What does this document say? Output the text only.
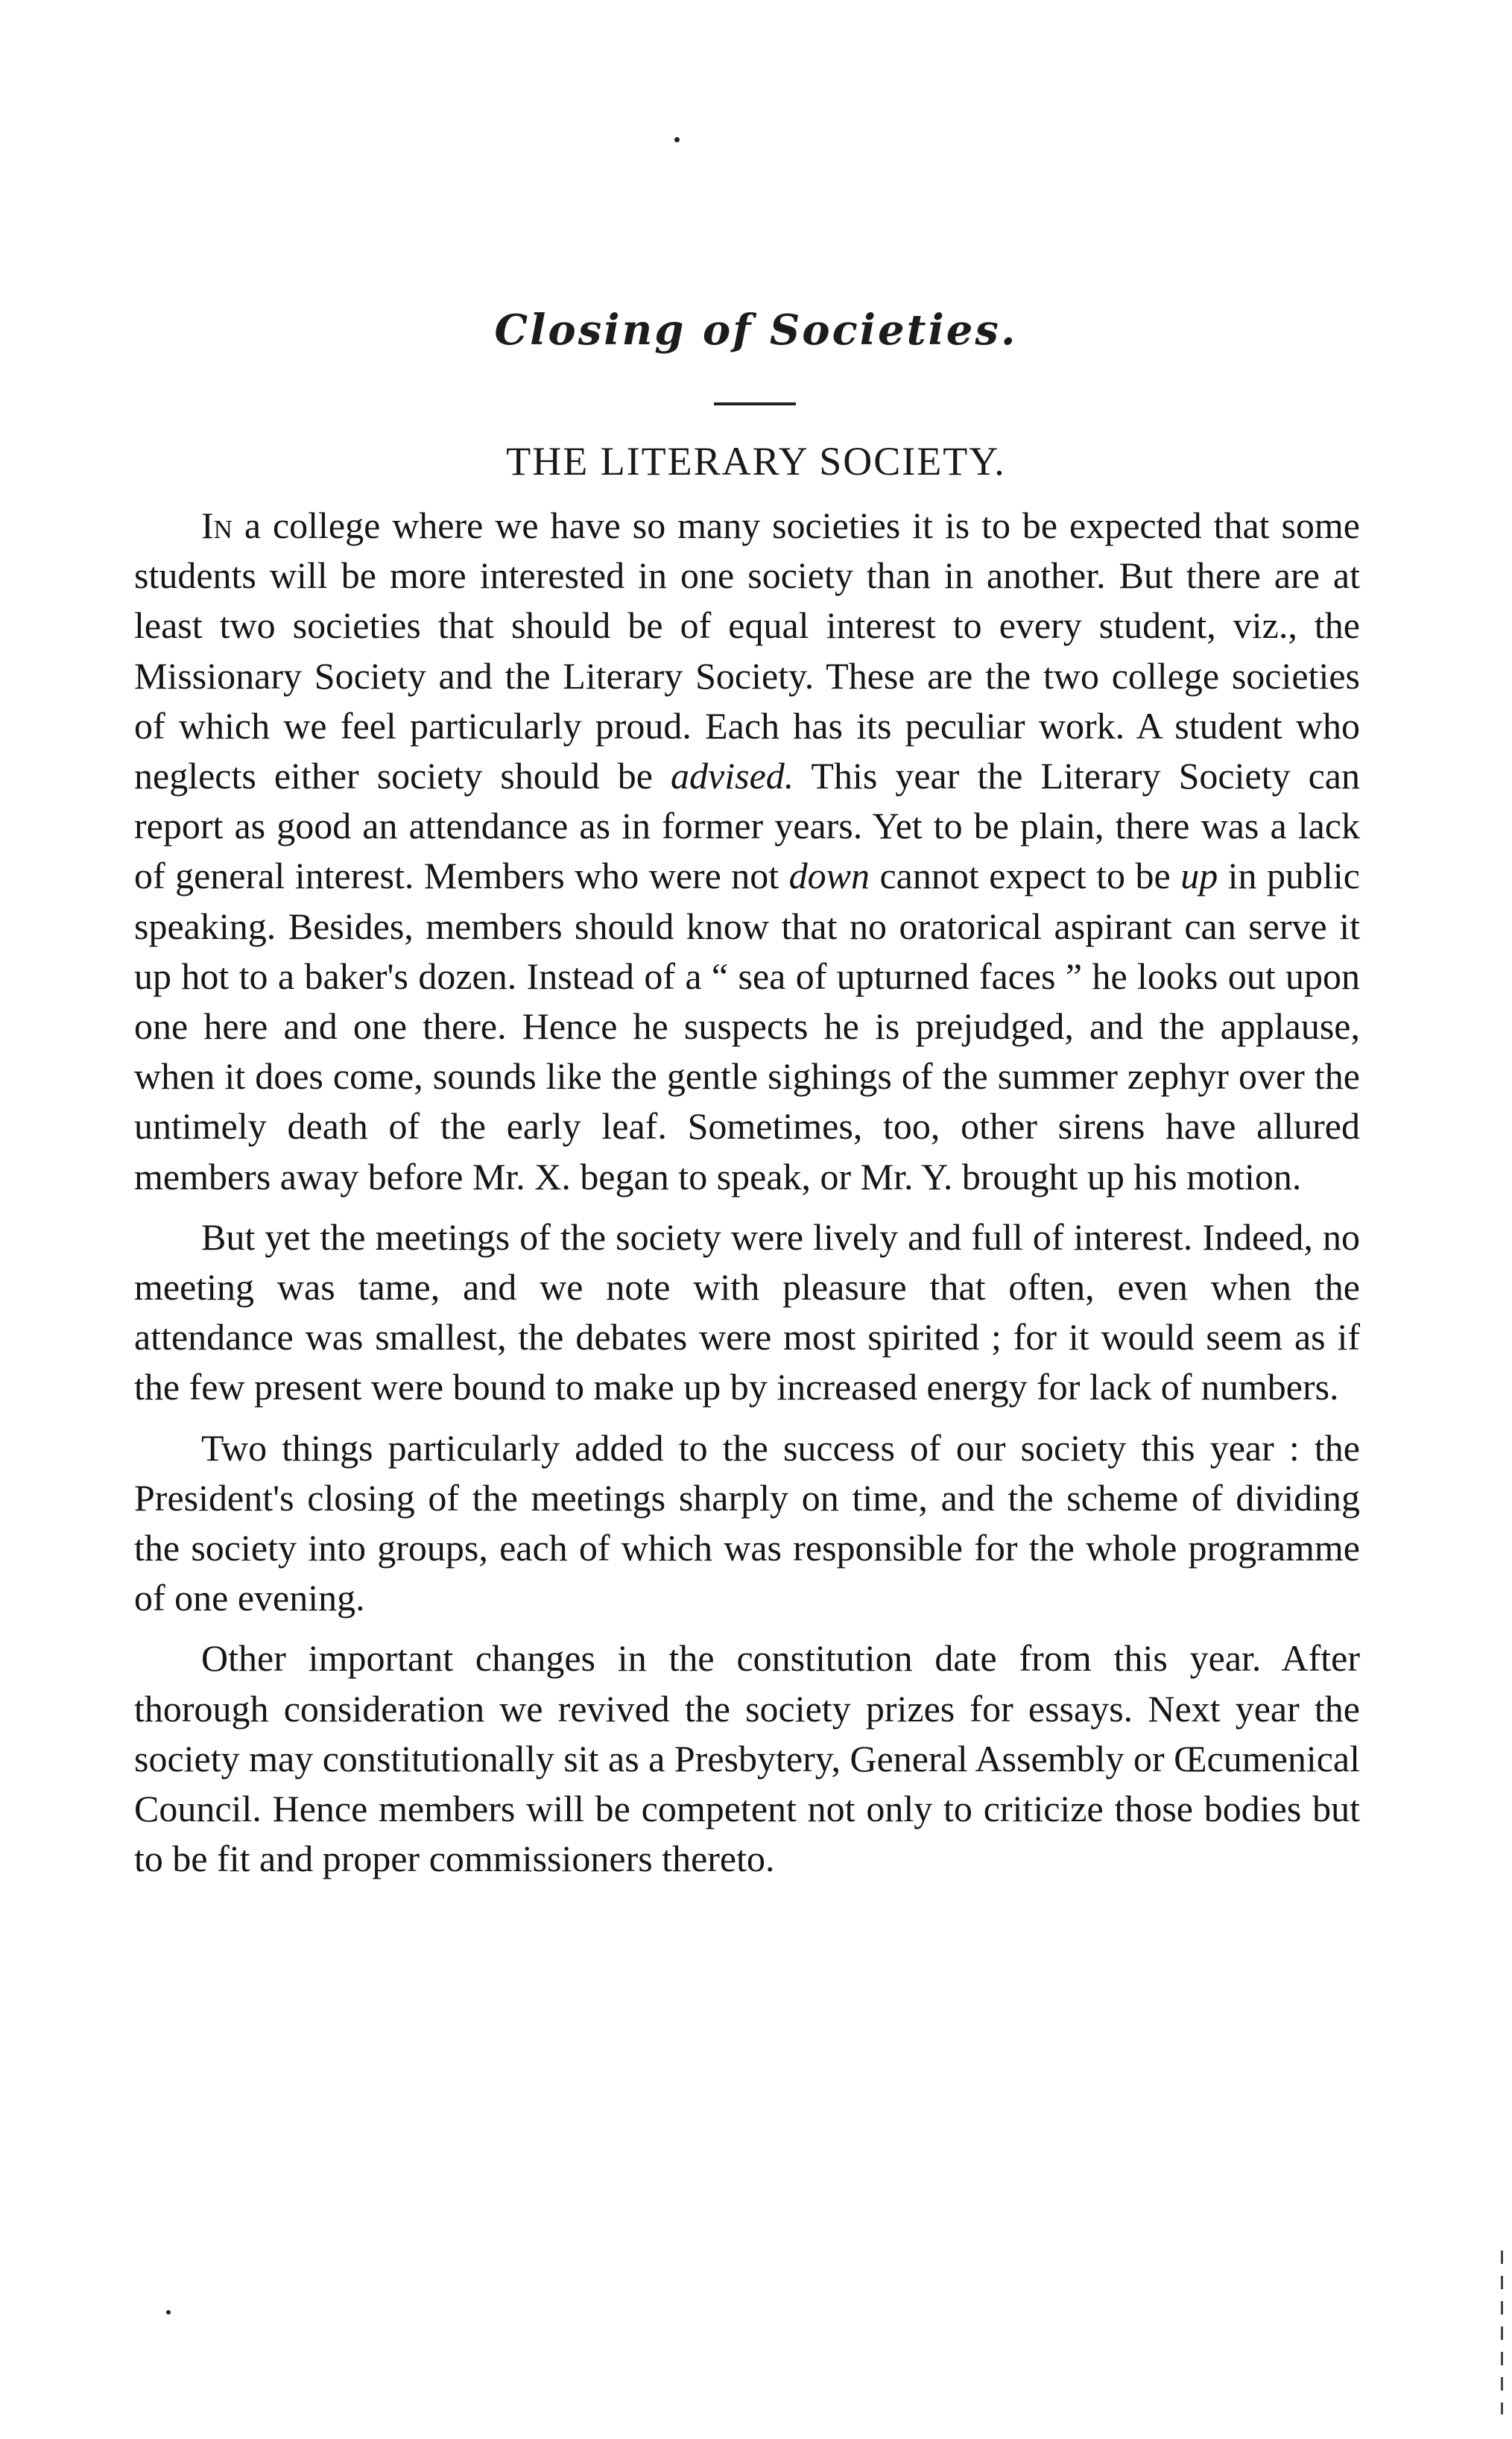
Closing of Societies.
THE LITERARY SOCIETY.

In a college where we have so many societies it is to be expected that some students will be more interested in one society than in another. But there are at least two societies that should be of equal interest to every student, viz., the Missionary Society and the Literary Society. These are the two college societies of which we feel particularly proud. Each has its peculiar work. A student who neglects either society should be advised. This year the Literary Society can report as good an attendance as in former years. Yet to be plain, there was a lack of general interest. Members who were not down cannot expect to be up in public speaking. Besides, members should know that no oratorical aspirant can serve it up hot to a baker's dozen. Instead of a “ sea of upturned faces ” he looks out upon one here and one there. Hence he suspects he is prejudged, and the applause, when it does come, sounds like the gentle sighings of the summer zephyr over the untimely death of the early leaf. Sometimes, too, other sirens have allured members away before Mr. X. began to speak, or Mr. Y. brought up his motion.

But yet the meetings of the society were lively and full of interest. Indeed, no meeting was tame, and we note with pleasure that often, even when the attendance was smallest, the debates were most spirited ; for it would seem as if the few present were bound to make up by increased energy for lack of numbers.

Two things particularly added to the success of our society this year : the President's closing of the meetings sharply on time, and the scheme of dividing the society into groups, each of which was responsible for the whole programme of one evening.

Other important changes in the constitution date from this year. After thorough consideration we revived the society prizes for essays. Next year the society may constitutionally sit as a Presbytery, General Assembly or Œcumenical Council. Hence members will be competent not only to criticize those bodies but to be fit and proper commissioners thereto.
